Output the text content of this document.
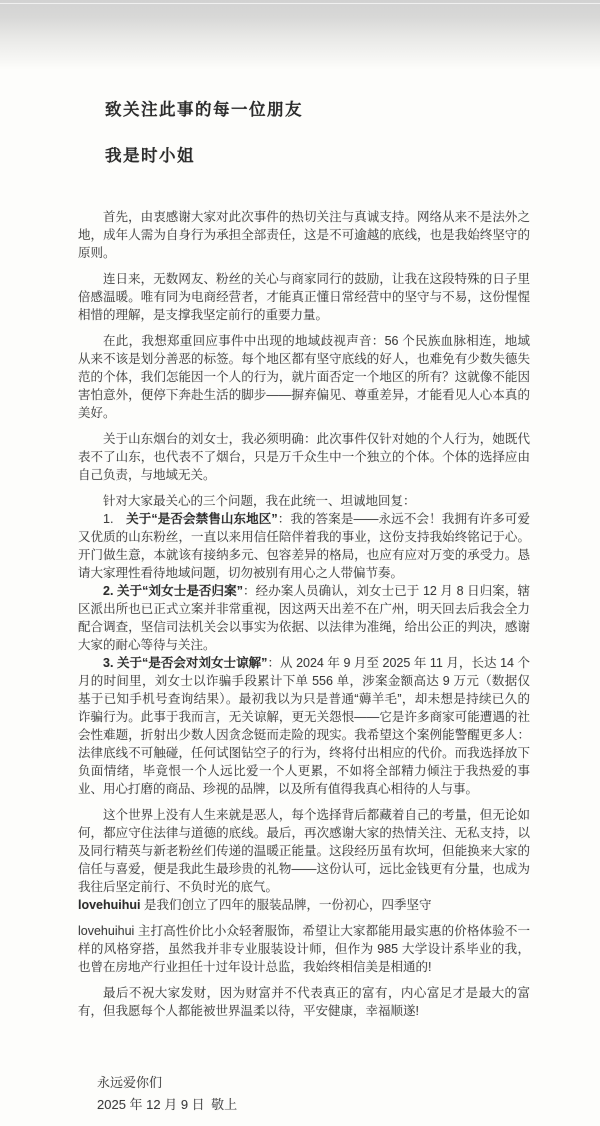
致关注此事的每一位朋友
我是时小姐

首先，由衷感谢大家对此次事件的热切关注与真诚支持。网络从来不是法外之地，成年人需为自身行为承担全部责任，这是不可逾越的底线，也是我始终坚守的原则。

连日来，无数网友、粉丝的关心与商家同行的鼓励，让我在这段特殊的日子里倍感温暖。唯有同为电商经营者，才能真正懂日常经营中的坚守与不易，这份惺惺相惜的理解，是支撑我坚定前行的重要力量。

在此，我想郑重回应事件中出现的地域歧视声音：56 个民族血脉相连，地域从来不该是划分善恶的标签。每个地区都有坚守底线的好人，也难免有少数失德失范的个体，我们怎能因一个人的行为，就片面否定一个地区的所有？这就像不能因害怕意外，便停下奔赴生活的脚步——摒弃偏见、尊重差异，才能看见人心本真的美好。

关于山东烟台的刘女士，我必须明确：此次事件仅针对她的个人行为，她既代表不了山东，也代表不了烟台，只是万千众生中一个独立的个体。个体的选择应由自己负责，与地域无关。

针对大家最关心的三个问题，我在此统一、坦诚地回复：

1. 关于“是否会禁售山东地区”：我的答案是——永远不会！我拥有许多可爱又优质的山东粉丝，一直以来用信任陪伴着我的事业，这份支持我始终铭记于心。开门做生意，本就该有接纳多元、包容差异的格局，也应有应对万变的承受力。恳请大家理性看待地域问题，切勿被别有用心之人带偏节奏。

2. 关于“刘女士是否归案”：经办案人员确认，刘女士已于 12 月 8 日归案，辖区派出所也已正式立案并非常重视，因这两天出差不在广州，明天回去后我会全力配合调查，坚信司法机关会以事实为依据、以法律为准绳，给出公正的判决，感谢大家的耐心等待与关注。

3. 关于“是否会对刘女士谅解”：从 2024 年 9 月至 2025 年 11 月，长达 14 个月的时间里，刘女士以诈骗手段累计下单 556 单，涉案金额高达 9 万元（数据仅基于已知手机号查询结果）。最初我以为只是普通“薅羊毛”，却未想是持续已久的诈骗行为。此事于我而言，无关谅解，更无关怨恨——它是许多商家可能遭遇的社会性难题，折射出少数人因贪念铤而走险的现实。我希望这个案例能警醒更多人：法律底线不可触碰，任何试图钻空子的行为，终将付出相应的代价。而我选择放下负面情绪，毕竟恨一个人远比爱一个人更累，不如将全部精力倾注于我热爱的事业、用心打磨的商品、珍视的品牌，以及所有值得我真心相待的人与事。

这个世界上没有人生来就是恶人，每个选择背后都藏着自己的考量，但无论如何，都应守住法律与道德的底线。最后，再次感谢大家的热情关注、无私支持，以及同行精英与新老粉丝们传递的温暖正能量。这段经历虽有坎坷，但能换来大家的信任与喜爱，便是我此生最珍贵的礼物——这份认可，远比金钱更有分量，也成为我往后坚定前行、不负时光的底气。

lovehuihui 是我们创立了四年的服装品牌，一份初心，四季坚守

lovehuihui 主打高性价比小众轻奢服饰，希望让大家都能用最实惠的价格体验不一样的风格穿搭，虽然我并非专业服装设计师，但作为 985 大学设计系毕业的我，也曾在房地产行业担任十过年设计总监，我始终相信美是相通的!

最后不祝大家发财，因为财富并不代表真正的富有，内心富足才是最大的富有，但我愿每个人都能被世界温柔以待，平安健康，幸福顺遂!

永远爱你们

2025 年 12 月 9 日 敬上
